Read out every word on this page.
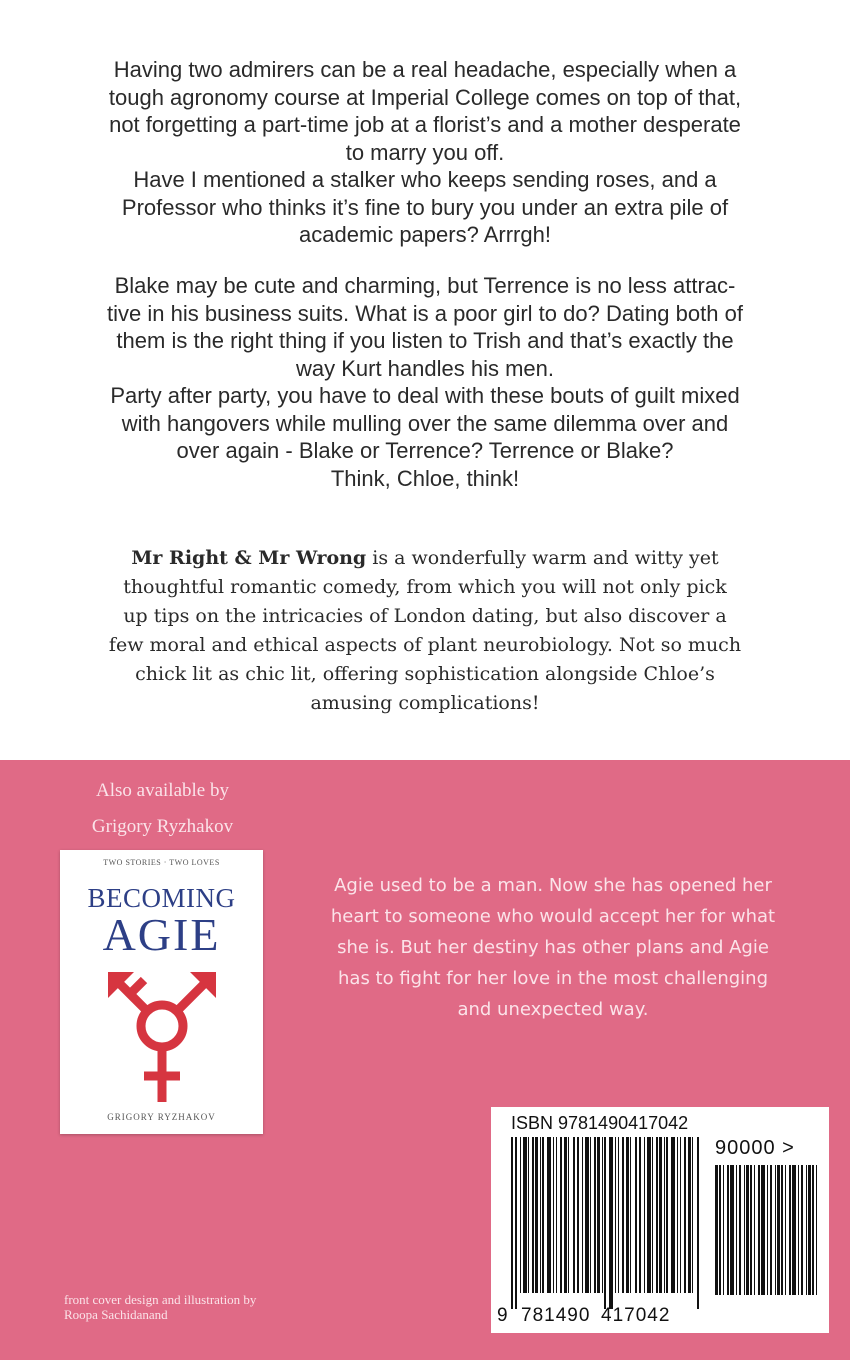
Having two admirers can be a real headache, especially when a
tough agronomy course at Imperial College comes on top of that,
not forgetting a part-time job at a florist’s and a mother desperate
to marry you off.
Have I mentioned a stalker who keeps sending roses, and a
Professor who thinks it’s fine to bury you under an extra pile of
academic papers? Arrrgh!

Blake may be cute and charming, but Terrence is no less attrac-
tive in his business suits. What is a poor girl to do? Dating both of
them is the right thing if you listen to Trish and that’s exactly the
way Kurt handles his men.
Party after party, you have to deal with these bouts of guilt mixed
with hangovers while mulling over the same dilemma over and
over again - Blake or Terrence? Terrence or Blake?
Think, Chloe, think!

Mr Right & Mr Wrong is a wonderfully warm and witty yet
thoughtful romantic comedy, from which you will not only pick
up tips on the intricacies of London dating, but also discover a
few moral and ethical aspects of plant neurobiology. Not so much
chick lit as chic lit, offering sophistication alongside Chloe’s
amusing complications!

Also available by
Grigory Ryzhakov
TWO STORIES · TWO LOVES
BECOMING
AGIE
GRIGORY RYZHAKOV

Agie used to be a man. Now she has opened her
heart to someone who would accept her for what
she is. But her destiny has other plans and Agie
has to fight for her love in the most challenging
and unexpected way.

ISBN 9781490417042
90000 >
9 781490 417042
front cover design and illustration by
Roopa Sachidanand
